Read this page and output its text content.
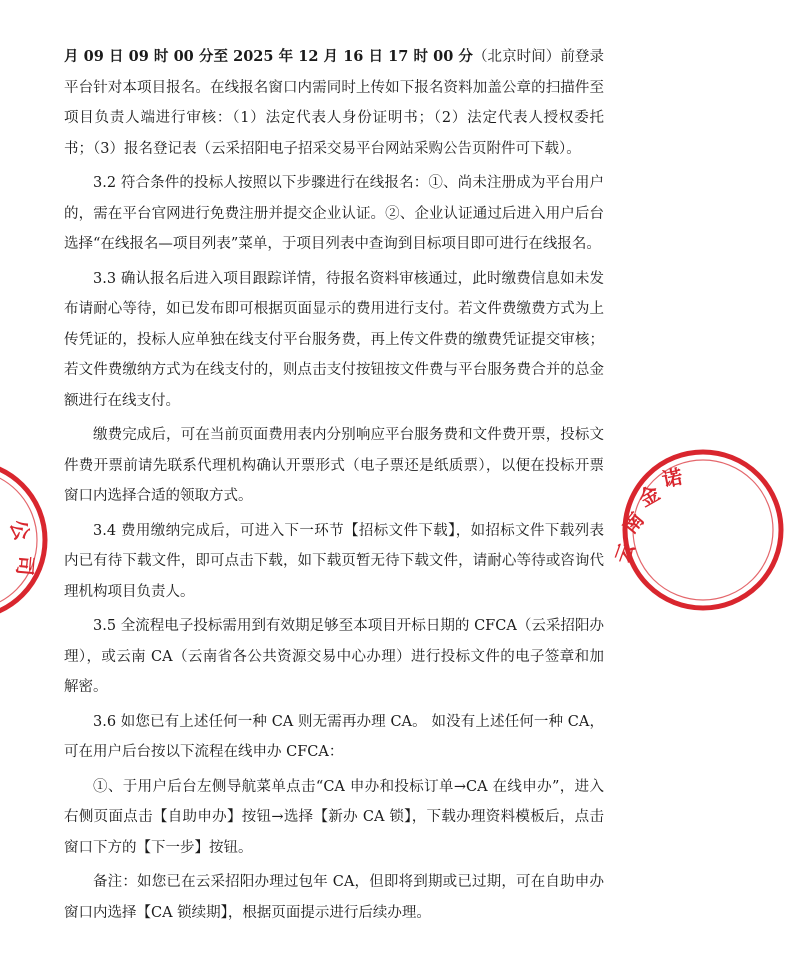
月 09 日 09 时 00 分至 2025 年 12 月 16 日 17 时 00 分（北京时间）前登录平台针对本项目报名。在线报名窗口内需同时上传如下报名资料加盖公章的扫描件至项目负责人端进行审核：（1）法定代表人身份证明书；（2）法定代表人授权委托书；（3）报名登记表（云采招阳电子招采交易平台网站采购公告页附件可下载）。

3.2 符合条件的投标人按照以下步骤进行在线报名：①、尚未注册成为平台用户的，需在平台官网进行免费注册并提交企业认证。②、企业认证通过后进入用户后台选择“在线报名—项目列表”菜单，于项目列表中查询到目标项目即可进行在线报名。

3.3 确认报名后进入项目跟踪详情，待报名资料审核通过，此时缴费信息如未发布请耐心等待，如已发布即可根据页面显示的费用进行支付。若文件费缴费方式为上传凭证的，投标人应单独在线支付平台服务费，再上传文件费的缴费凭证提交审核；若文件费缴纳方式为在线支付的，则点击支付按钮按文件费与平台服务费合并的总金额进行在线支付。

缴费完成后，可在当前页面费用表内分别响应平台服务费和文件费开票，投标文件费开票前请先联系代理机构确认开票形式（电子票还是纸质票），以便在投标开票窗口内选择合适的领取方式。

3.4 费用缴纳完成后，可进入下一环节【招标文件下载】，如招标文件下载列表内已有待下载文件，即可点击下载，如下载页暂无待下载文件，请耐心等待或咨询代理机构项目负责人。

3.5 全流程电子投标需用到有效期足够至本项目开标日期的 CFCA（云采招阳办理），或云南 CA（云南省各公共资源交易中心办理）进行投标文件的电子签章和加解密。

3.6 如您已有上述任何一种 CA 则无需再办理 CA。 如没有上述任何一种 CA，可在用户后台按以下流程在线申办 CFCA：

①、于用户后台左侧导航菜单点击“CA 申办和投标订单→CA 在线申办”，进入右侧页面点击【自助申办】按钮→选择【新办 CA 锁】，下载办理资料模板后，点击窗口下方的【下一步】按钮。

备注：如您已在云采招阳办理过包年 CA，但即将到期或已过期，可在自助申办窗口内选择【CA 锁续期】，根据页面提示进行后续办理。

公
司	云
南
金
诺
